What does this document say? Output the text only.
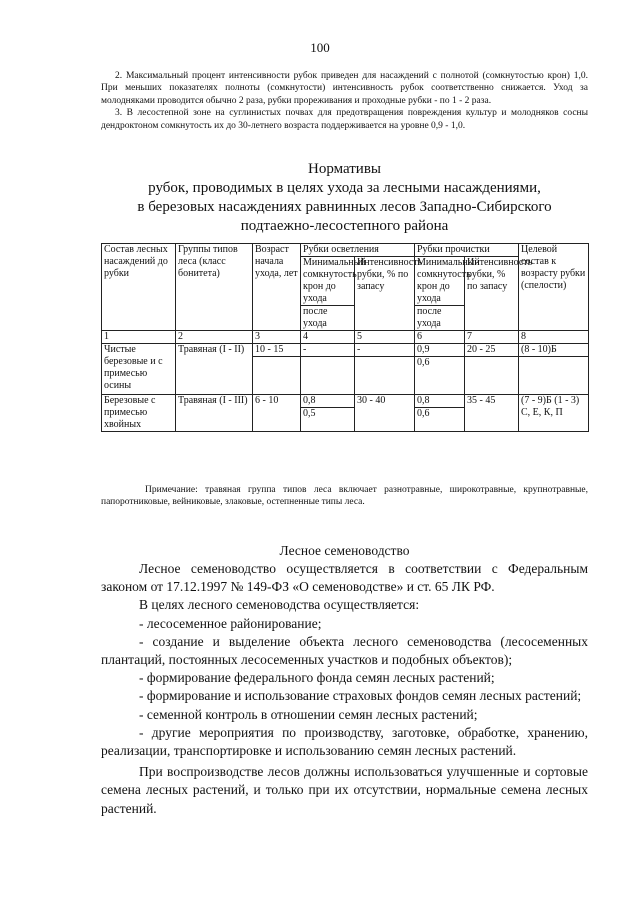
100

2. Максимальный процент интенсивности рубок приведен для насаждений с полнотой (сомкнутостью крон) 1,0. При меньших показателях полноты (сомкнутости) интенсивность рубок соответственно снижается. Уход за молодняками проводится обычно 2 раза, рубки прореживания и проходные рубки - по 1 - 2 раза.

3. В лесостепной зоне на суглинистых почвах для предотвращения повреждения культур и молодняков сосны дендроктоном сомкнутость их до 30-летнего возраста поддерживается на уровне 0,9 - 1,0.

Нормативы
рубок, проводимых в целях ухода за лесными насаждениями,
в березовых насаждениях равнинных лесов Западно-Сибирского
подтаежно-лесостепного района
Состав лесных насаждений до рубки	Группы типов леса (класс бонитета)	Возраст начала ухода, лет	Рубки осветления		Рубки прочистки		Целевой состав к возрасту рубки (спелости)
			Минимальный сомкнутость крон до ухода	Интенсивность рубки, % по запасу	Минимальный сомкнутость крон до ухода	Интенсивность рубки, % по запасу	
			после ухода		после ухода		
1	2	3	4	5	6	7	8
Чистые березовые и с примесью осины	Травяная (I - II)	10 - 15	-	-	0,9	20 - 25	(8 - 10)Б
					0,6		
Березовые с примесью хвойных	Травяная (I - III)	6 - 10	0,8	30 - 40	0,8	35 - 45	(7 - 9)Б (1 - 3) С, Е, К, П
			0,5		0,6		
Примечание: травяная группа типов леса включает разнотравные, широкотравные, крупнотравные, папоротниковые, вейниковые, злаковые, остепненные типы леса.
Лесное семеноводство

Лесное семеноводство осуществляется в соответствии с Федеральным законом от 17.12.1997 № 149-ФЗ «О семеноводстве» и ст. 65 ЛК РФ.

В целях лесного семеноводства осуществляется:

- лесосеменное районирование;

- создание и выделение объекта лесного семеноводства (лесосеменных плантаций, постоянных лесосеменных участков и подобных объектов);

- формирование федерального фонда семян лесных растений;

- формирование и использование страховых фондов семян лесных растений;

- семенной контроль в отношении семян лесных растений;

- другие мероприятия по производству, заготовке, обработке, хранению, реализации, транспортировке и использованию семян лесных растений.

При воспроизводстве лесов должны использоваться улучшенные и сортовые семена лесных растений, и только при их отсутствии, нормальные семена лесных растений.
